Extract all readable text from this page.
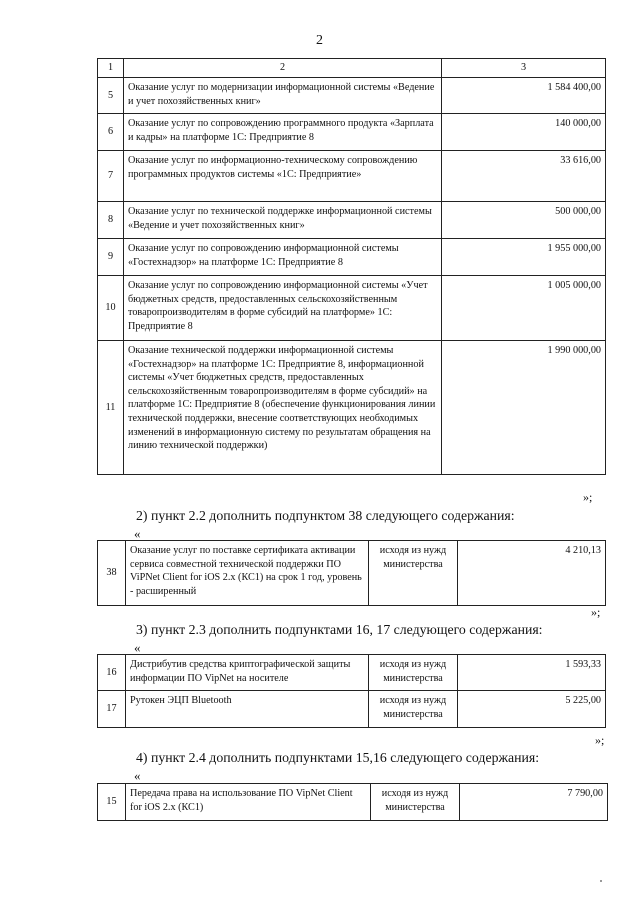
2
1	2	3
5	Оказание услуг по модернизации информационной системы «Ведение и учет похозяйственных книг»	1 584 400,00
6	Оказание услуг по сопровождению программного продукта «Зарплата и кадры» на платформе 1С: Предприятие 8	140 000,00
7	Оказание услуг по информационно-техническому сопровождению программных продуктов системы «1С: Предприятие»	33 616,00
8	Оказание услуг по технической поддержке информационной системы «Ведение и учет похозяйственных книг»	500 000,00
9	Оказание услуг по сопровождению информационной системы «Гостехнадзор» на платформе 1С: Предприятие 8	1 955 000,00
10	Оказание услуг по сопровождению информационной системы «Учет бюджетных средств, предоставленных сельскохозяйственным товаропроизводителям в форме субсидий на платформе» 1С: Предприятие 8	1 005 000,00
11	Оказание технической поддержки информационной системы «Гостехнадзор» на платформе 1С: Предприятие 8, информационной системы «Учет бюджетных средств, предоставленных сельскохозяйственным товаропроизводителям в форме субсидий» на платформе 1С: Предприятие 8 (обеспечение функционирования линии технической поддержки, внесение соответствующих необходимых изменений в информационную систему по результатам обращения на линию технической поддержки)	1 990 000,00
»;
2) пункт 2.2 дополнить подпунктом 38 следующего содержания:
«
38	Оказание услуг по поставке сертификата активации сервиса совместной технической поддержки ПО ViPNet Client for iOS 2.x (КС1) на срок 1 год, уровень - расширенный	исходя из нужд министерства	4 210,13
»;
3) пункт 2.3 дополнить подпунктами 16, 17 следующего содержания:
«
16	Дистрибутив средства криптографической защиты информации ПО VipNet на носителе	исходя из нужд министерства	1 593,33
17	Рутокен ЭЦП Bluetooth	исходя из нужд министерства	5 225,00
»;
4) пункт 2.4 дополнить подпунктами 15,16 следующего содержания:
«
15	Передача права на использование ПО VipNet Client for iOS 2.x (КС1)	исходя из нужд министерства	7 790,00
